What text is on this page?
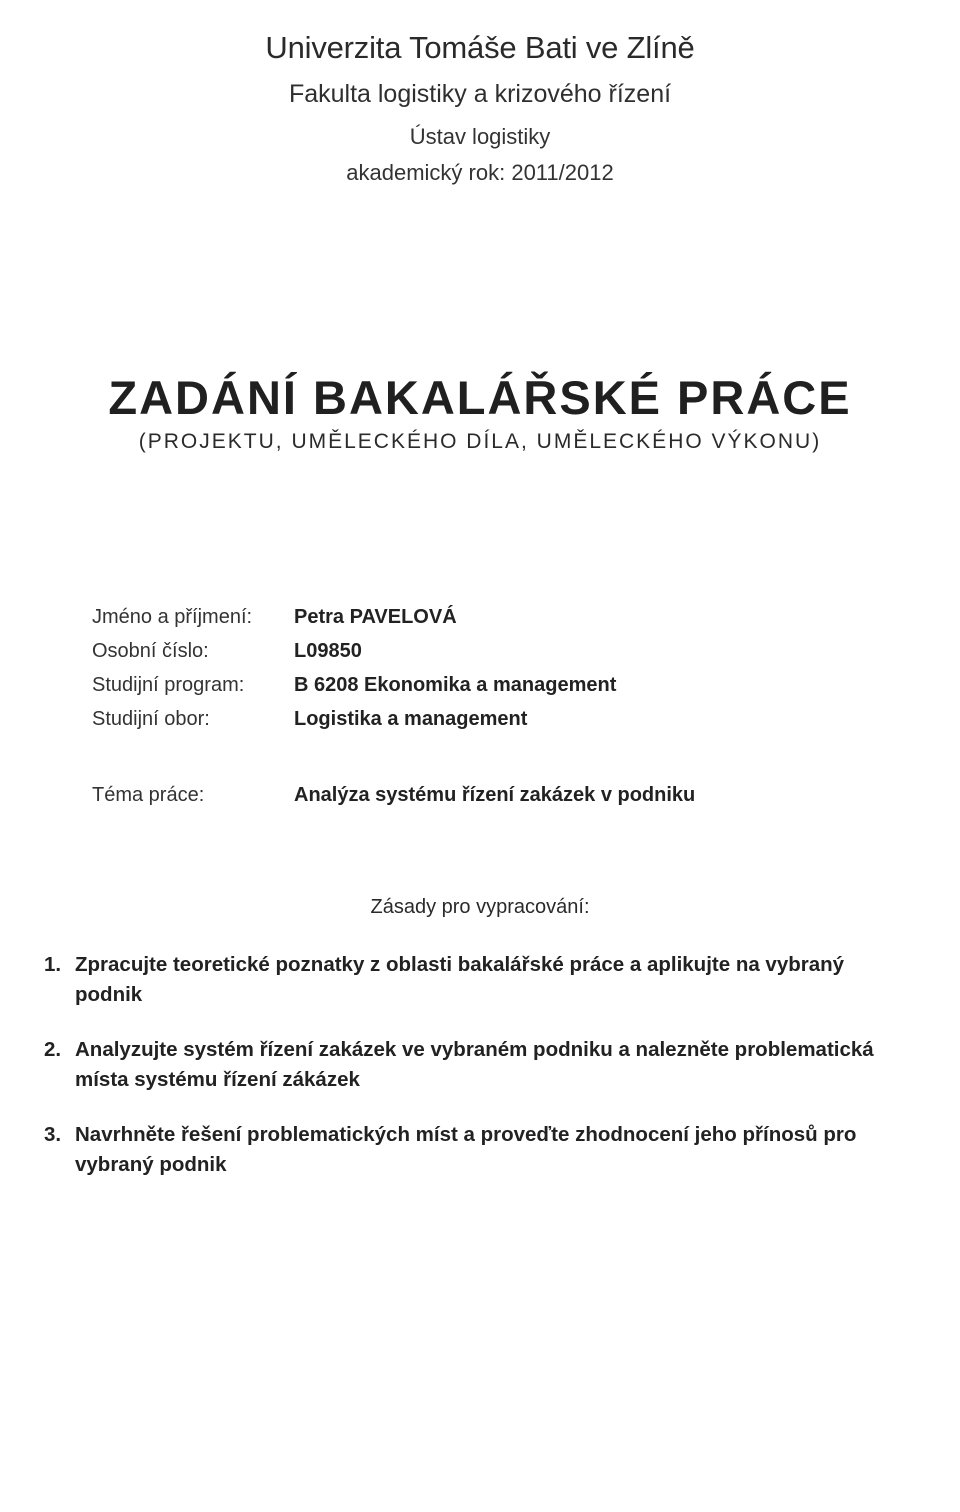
Univerzita Tomáše Bati ve Zlíně
Fakulta logistiky a krizového řízení
Ústav logistiky
akademický rok: 2011/2012
ZADÁNÍ BAKALÁŘSKÉ PRÁCE
(PROJEKTU, UMĚLECKÉHO DÍLA, UMĚLECKÉHO VÝKONU)
Jméno a příjmení: Petra PAVELOVÁ
Osobní číslo:	L09850
Studijní program: B 6208 Ekonomika a management
Studijní obor:	Logistika a management
Téma práce:	Analýza systému řízení zakázek v podniku
Zásady pro vypracování:
1. Zpracujte teoretické poznatky z oblasti bakalářské práce a aplikujte na vybraný podnik
2. Analyzujte systém řízení zakázek ve vybraném podniku a nalezněte problematická místa systému řízení zákázek
3. Navrhněte řešení problematických míst a proveďte zhodnocení jeho přínosů pro vybraný podnik
